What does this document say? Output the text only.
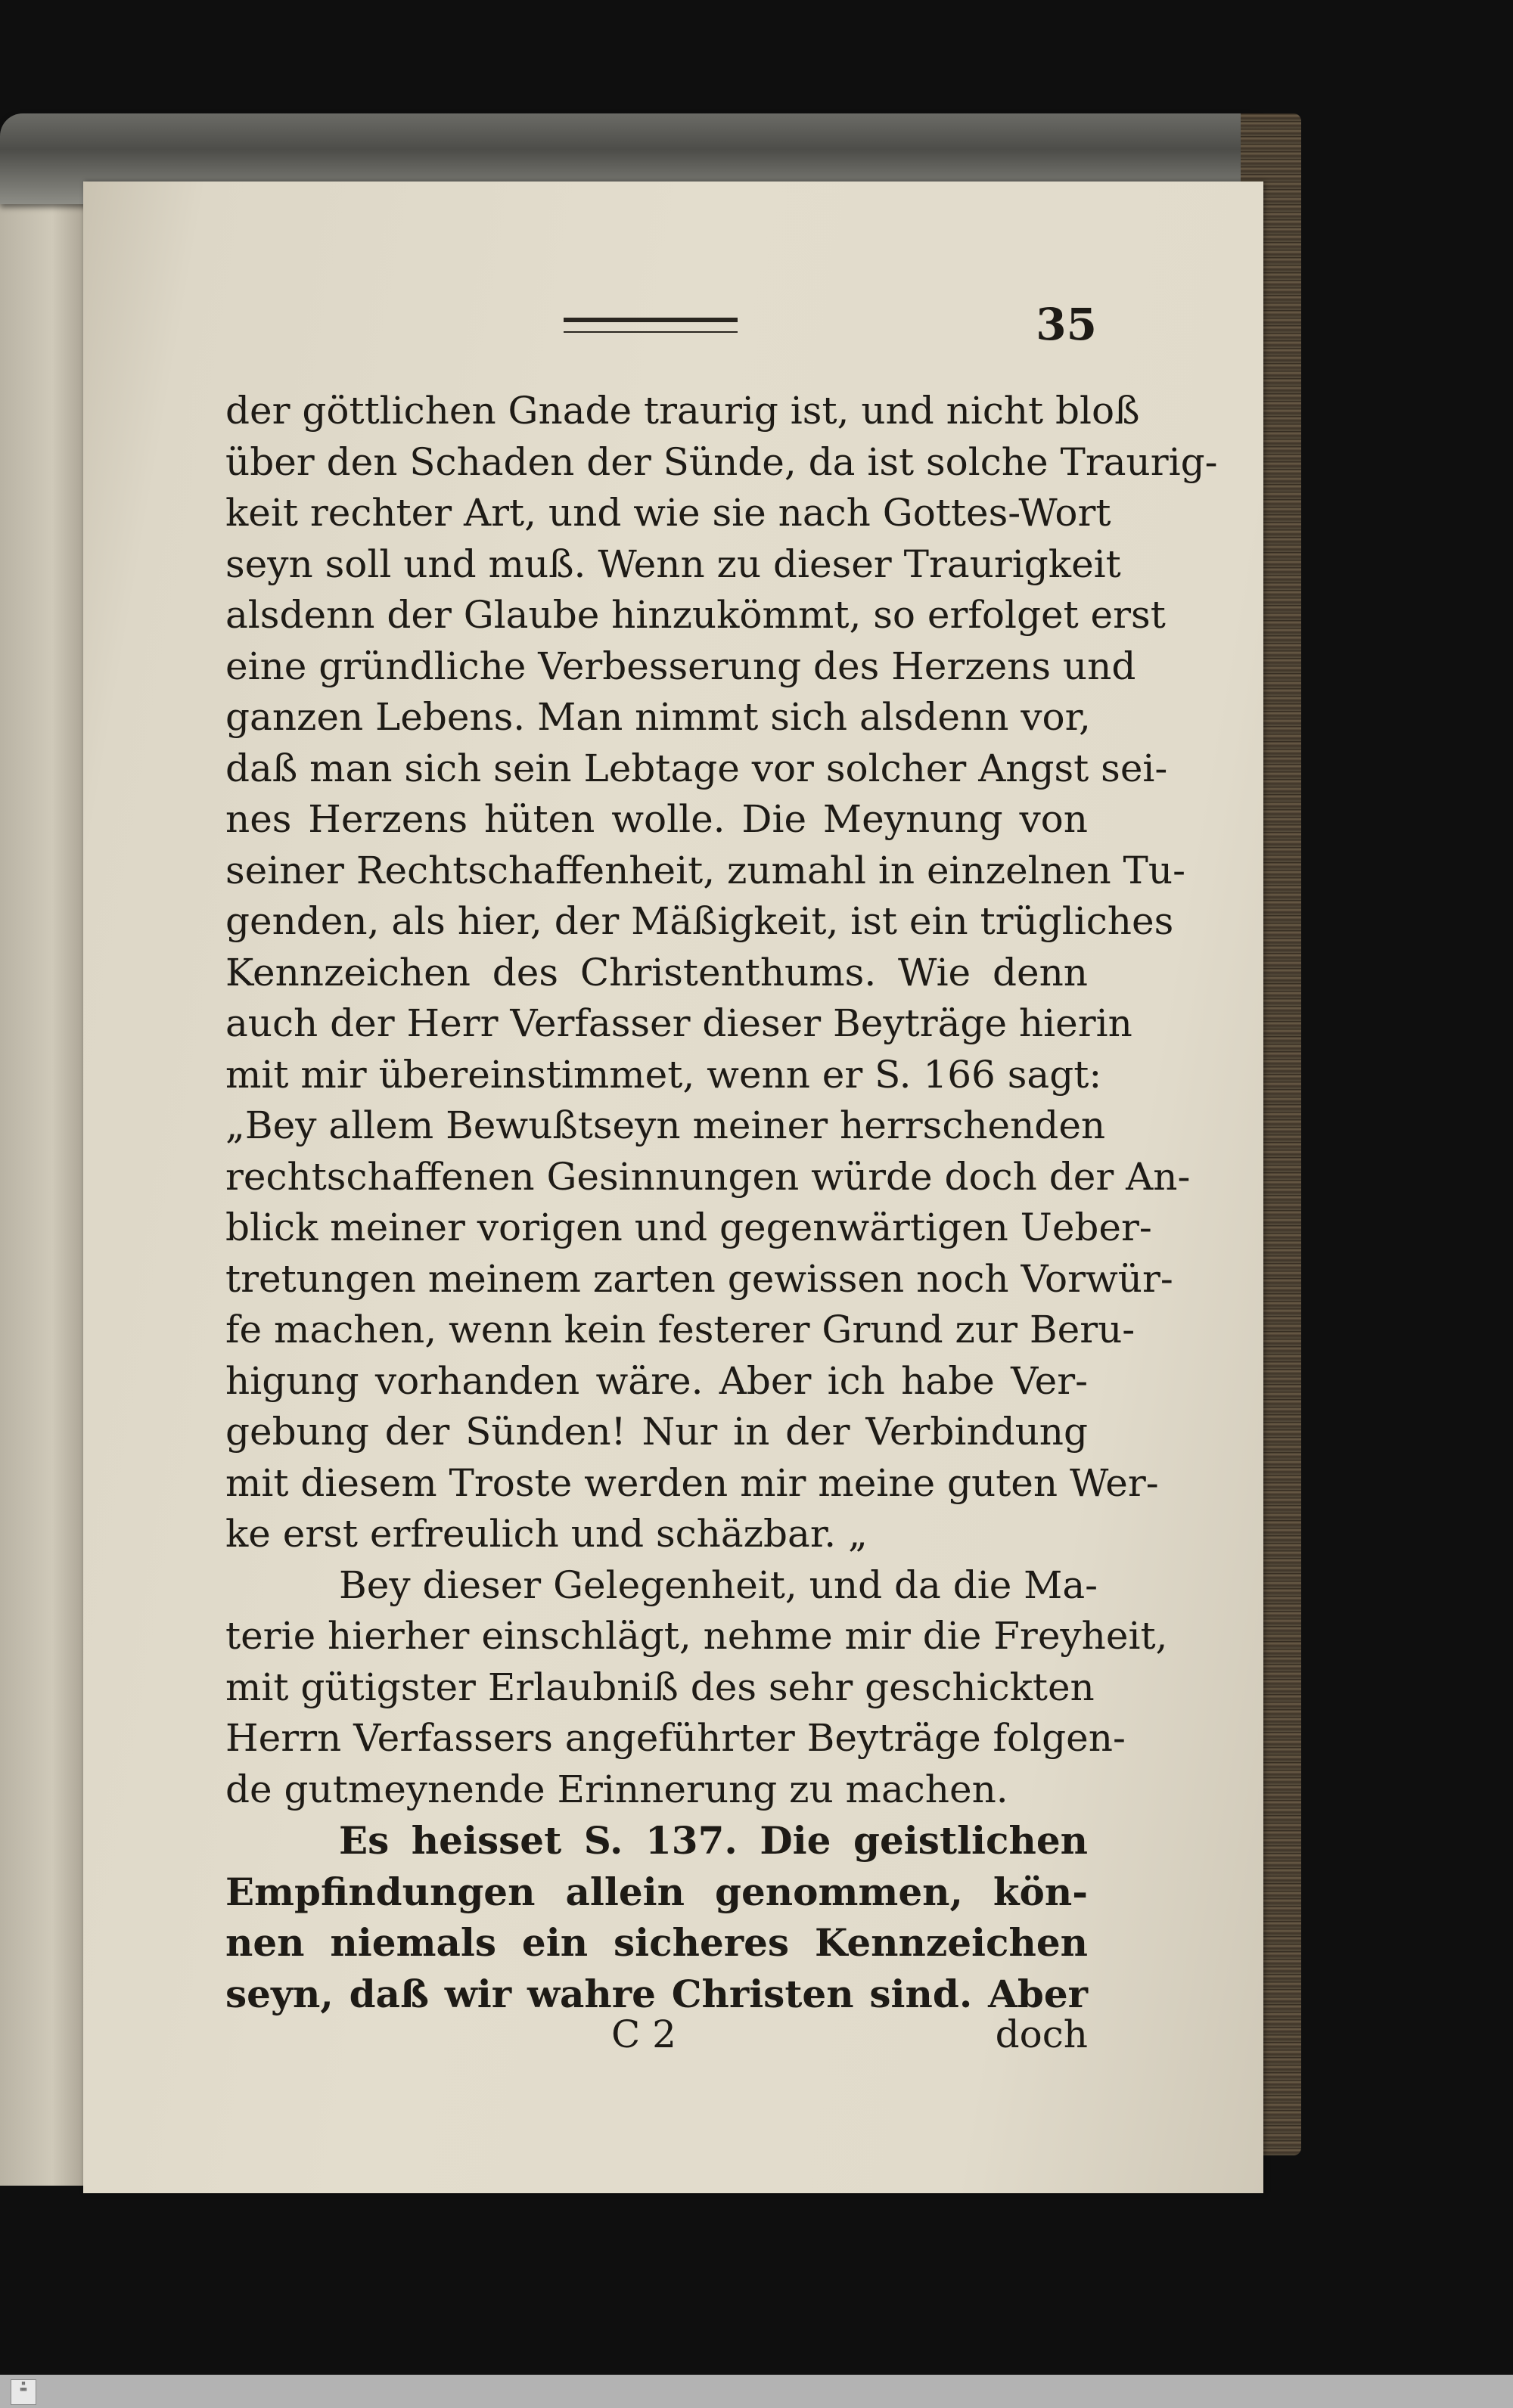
35
der göttlichen Gnade traurig ist, und nicht bloß
über den Schaden der Sünde, da ist solche Traurig-
keit rechter Art, und wie sie nach Gottes-Wort
seyn soll und muß. Wenn zu dieser Traurigkeit
alsdenn der Glaube hinzukömmt, so erfolget erst
eine gründliche Verbesserung des Herzens und
ganzen Lebens. Man nimmt sich alsdenn vor,
daß man sich sein Lebtage vor solcher Angst sei-
nes Herzens hüten wolle. Die Meynung von
seiner Rechtschaffenheit, zumahl in einzelnen Tu-
genden, als hier, der Mäßigkeit, ist ein trügliches
Kennzeichen des Christenthums. Wie denn
auch der Herr Verfasser dieser Beyträge hierin
mit mir übereinstimmet, wenn er S. 166 sagt:
„Bey allem Bewußtseyn meiner herrschenden
rechtschaffenen Gesinnungen würde doch der An-
blick meiner vorigen und gegenwärtigen Ueber-
tretungen meinem zarten gewissen noch Vorwür-
fe machen, wenn kein festerer Grund zur Beru-
higung vorhanden wäre. Aber ich habe Ver-
gebung der Sünden! Nur in der Verbindung
mit diesem Troste werden mir meine guten Wer-
ke erst erfreulich und schäzbar. „
Bey dieser Gelegenheit, und da die Ma-
terie hierher einschlägt, nehme mir die Freyheit,
mit gütigster Erlaubniß des sehr geschickten
Herrn Verfassers angeführter Beyträge folgen-
de gutmeynende Erinnerung zu machen.
Es heisset S. 137. Die geistlichen
Empfindungen allein genommen, kön-
nen niemals ein sicheres Kennzeichen
seyn, daß wir wahre Christen sind. Aber
C 2	doch
▦
▦▦
